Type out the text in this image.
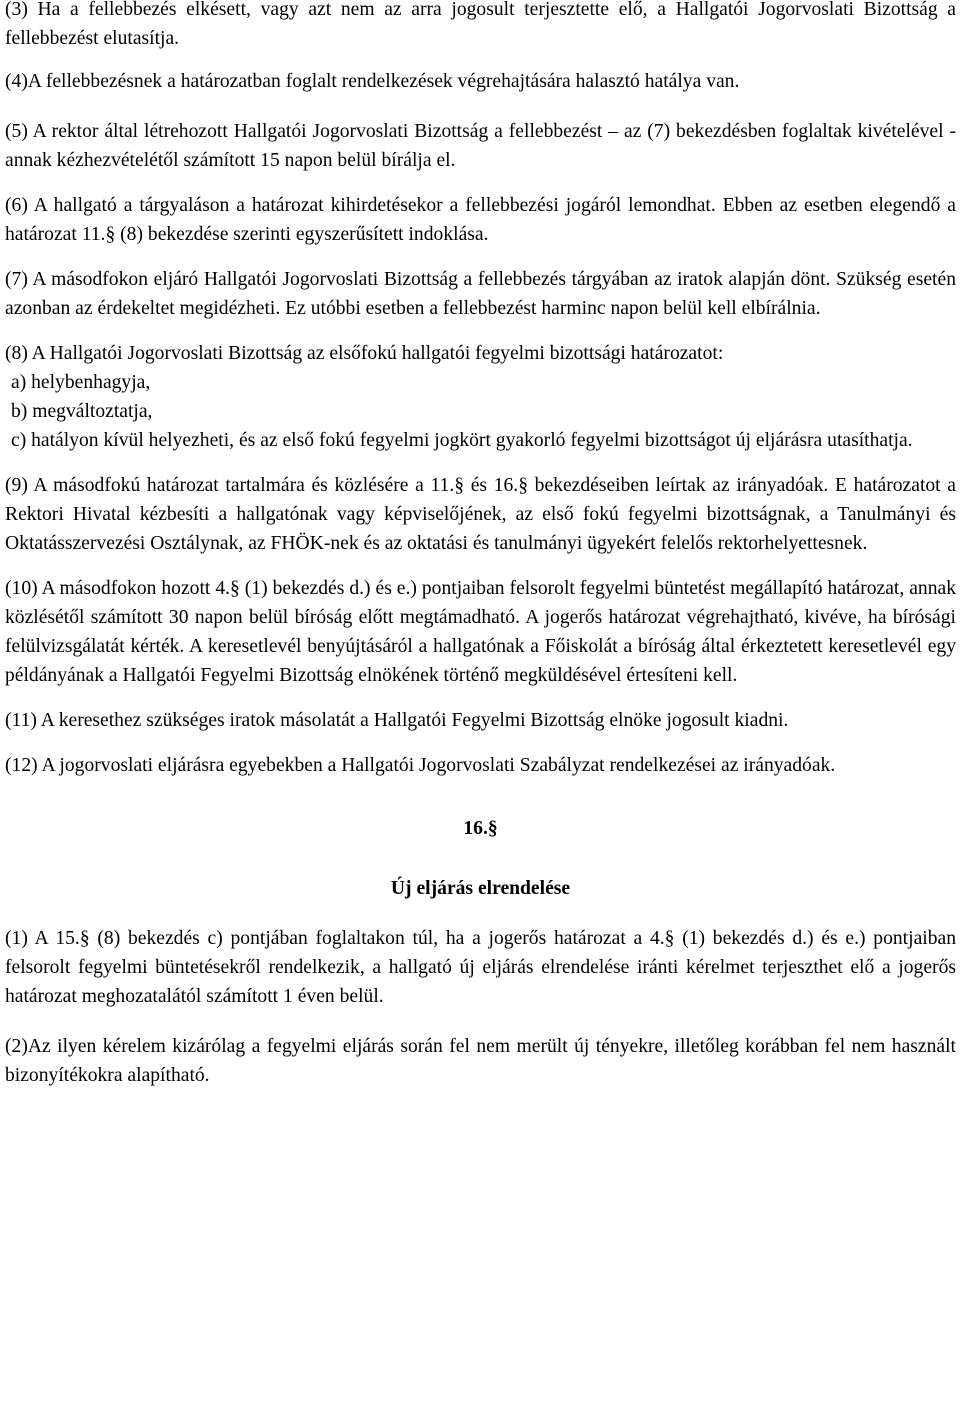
(3) Ha a fellebbezés elkésett, vagy azt nem az arra jogosult terjesztette elő, a Hallgatói Jogorvoslati Bizottság a fellebbezést elutasítja.

(4)A fellebbezésnek a határozatban foglalt rendelkezések végrehajtására halasztó hatálya van.

(5) A rektor által létrehozott Hallgatói Jogorvoslati Bizottság a fellebbezést – az (7) bekezdésben foglaltak kivételével - annak kézhezvételétől számított 15 napon belül bírálja el.

(6) A hallgató a tárgyaláson a határozat kihirdetésekor a fellebbezési jogáról lemondhat. Ebben az esetben elegendő a határozat 11.§ (8) bekezdése szerinti egyszerűsített indoklása.

(7) A másodfokon eljáró Hallgatói Jogorvoslati Bizottság a fellebbezés tárgyában az iratok alapján dönt. Szükség esetén azonban az érdekeltet megidézheti. Ez utóbbi esetben a fellebbezést harminc napon belül kell elbírálnia.

(8) A Hallgatói Jogorvoslati Bizottság az elsőfokú hallgatói fegyelmi bizottsági határozatot:

a) helybenhagyja,

b) megváltoztatja,

c) hatályon kívül helyezheti, és az első fokú fegyelmi jogkört gyakorló fegyelmi bizottságot új eljárásra utasíthatja.

(9) A másodfokú határozat tartalmára és közlésére a 11.§ és 16.§ bekezdéseiben leírtak az irányadóak. E határozatot a Rektori Hivatal kézbesíti a hallgatónak vagy képviselőjének, az első fokú fegyelmi bizottságnak, a Tanulmányi és Oktatásszervezési Osztálynak, az FHÖK-nek és az oktatási és tanulmányi ügyekért felelős rektorhelyettesnek.

(10) A másodfokon hozott 4.§ (1) bekezdés d.) és e.) pontjaiban felsorolt fegyelmi büntetést megállapító határozat, annak közlésétől számított 30 napon belül bíróság előtt megtámadható. A jogerős határozat végrehajtható, kivéve, ha bírósági felülvizsgálatát kérték. A keresetlevél benyújtásáról a hallgatónak a Főiskolát a bíróság által érkeztetett keresetlevél egy példányának a Hallgatói Fegyelmi Bizottság elnökének történő megküldésével értesíteni kell.

(11) A keresethez szükséges iratok másolatát a Hallgatói Fegyelmi Bizottság elnöke jogosult kiadni.

(12) A jogorvoslati eljárásra egyebekben a Hallgatói Jogorvoslati Szabályzat rendelkezései az irányadóak.

16.§

Új eljárás elrendelése

(1) A 15.§ (8) bekezdés c) pontjában foglaltakon túl, ha a jogerős határozat a 4.§ (1) bekezdés d.) és e.) pontjaiban felsorolt fegyelmi büntetésekről rendelkezik, a hallgató új eljárás elrendelése iránti kérelmet terjeszthet elő a jogerős határozat meghozatalától számított 1 éven belül.

(2)Az ilyen kérelem kizárólag a fegyelmi eljárás során fel nem merült új tényekre, illetőleg korábban fel nem használt bizonyítékokra alapítható.
